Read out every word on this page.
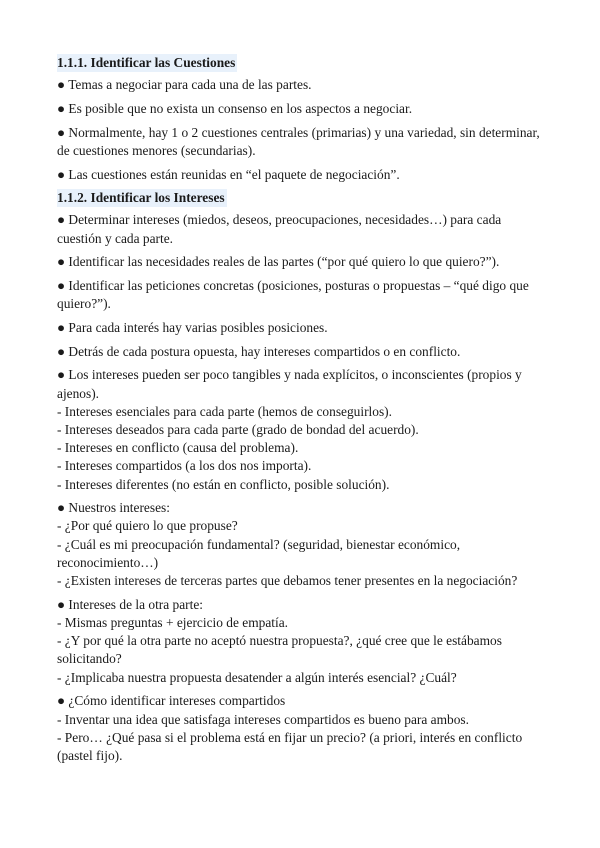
1.1.1. Identificar las Cuestiones

● Temas a negociar para cada una de las partes.

● Es posible que no exista un consenso en los aspectos a negociar.

● Normalmente, hay 1 o 2 cuestiones centrales (primarias) y una variedad, sin determinar, de cuestiones menores (secundarias).

● Las cuestiones están reunidas en “el paquete de negociación”.

1.1.2. Identificar los Intereses

● Determinar intereses (miedos, deseos, preocupaciones, necesidades…) para cada cuestión y cada parte.

● Identificar las necesidades reales de las partes (“por qué quiero lo que quiero?”).

● Identificar las peticiones concretas (posiciones, posturas o propuestas – “qué digo que quiero?”).

● Para cada interés hay varias posibles posiciones.

● Detrás de cada postura opuesta, hay intereses compartidos o en conflicto.

● Los intereses pueden ser poco tangibles y nada explícitos, o inconscientes (propios y ajenos).

- Intereses esenciales para cada parte (hemos de conseguirlos).

- Intereses deseados para cada parte (grado de bondad del acuerdo).

- Intereses en conflicto (causa del problema).

- Intereses compartidos (a los dos nos importa).

- Intereses diferentes (no están en conflicto, posible solución).

● Nuestros intereses:

- ¿Por qué quiero lo que propuse?

- ¿Cuál es mi preocupación fundamental? (seguridad, bienestar económico, reconocimiento…)

- ¿Existen intereses de terceras partes que debamos tener presentes en la negociación?

● Intereses de la otra parte:

- Mismas preguntas + ejercicio de empatía.

- ¿Y por qué la otra parte no aceptó nuestra propuesta?, ¿qué cree que le estábamos solicitando?

- ¿Implicaba nuestra propuesta desatender a algún interés esencial? ¿Cuál?

● ¿Cómo identificar intereses compartidos

- Inventar una idea que satisfaga intereses compartidos es bueno para ambos.

- Pero… ¿Qué pasa si el problema está en fijar un precio? (a priori, interés en conflicto (pastel fijo).
